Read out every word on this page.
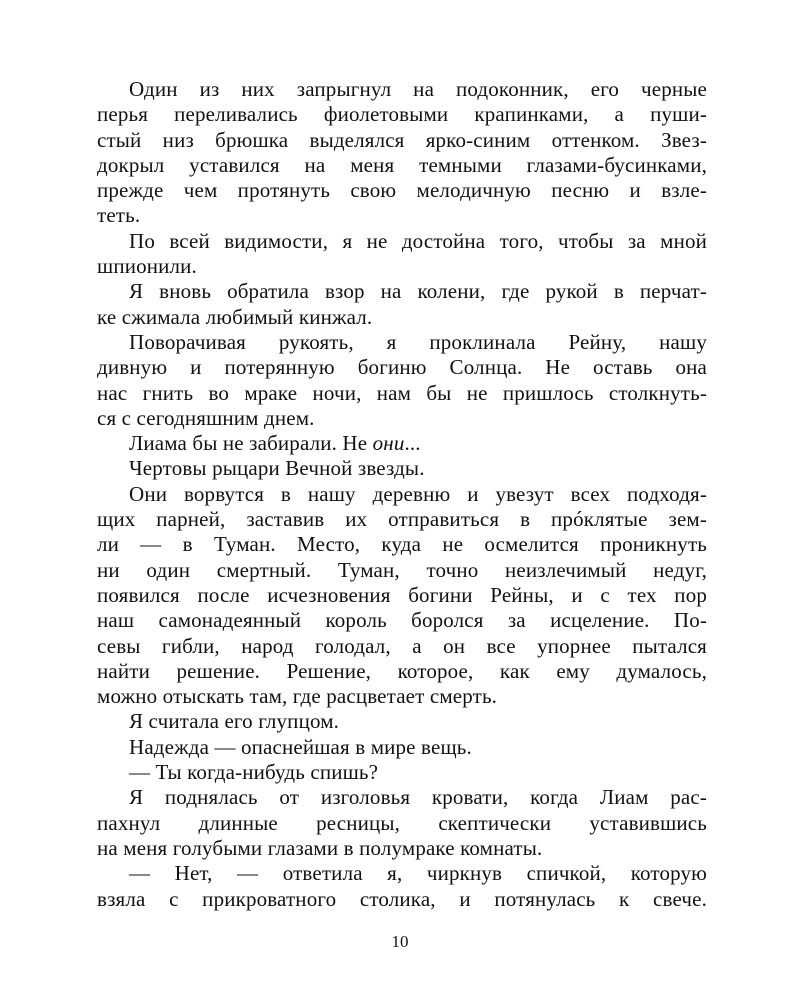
Один из них запрыгнул на подоконник, его черные
перья переливались фиолетовыми крапинками, а пуши-
стый низ брюшка выделялся ярко-синим оттенком. Звез-
докрыл уставился на меня темными глазами-бусинками,
прежде чем протянуть свою мелодичную песню и взле-
теть.
По всей видимости, я не достойна того, чтобы за мной
шпионили.
Я вновь обратила взор на колени, где рукой в перчат-
ке сжимала любимый кинжал.
Поворачивая рукоять, я проклинала Рейну, нашу
дивную и потерянную богиню Солнца. Не оставь она
нас гнить во мраке ночи, нам бы не пришлось столкнуть-
ся с сегодняшним днем.
Лиама бы не забирали. Не они...
Чертовы рыцари Вечной звезды.
Они ворвутся в нашу деревню и увезут всех подходя-
щих парней, заставив их отправиться в прóклятые зем-
ли — в Туман. Место, куда не осмелится проникнуть
ни один смертный. Туман, точно неизлечимый недуг,
появился после исчезновения богини Рейны, и с тех пор
наш самонадеянный король боролся за исцеление. По-
севы гибли, народ голодал, а он все упорнее пытался
найти решение. Решение, которое, как ему думалось,
можно отыскать там, где расцветает смерть.
Я считала его глупцом.
Надежда — опаснейшая в мире вещь.
— Ты когда-нибудь спишь?
Я поднялась от изголовья кровати, когда Лиам рас-
пахнул длинные ресницы, скептически уставившись
на меня голубыми глазами в полумраке комнаты.
— Нет, — ответила я, чиркнув спичкой, которую
взяла с прикроватного столика, и потянулась к свече.
10
